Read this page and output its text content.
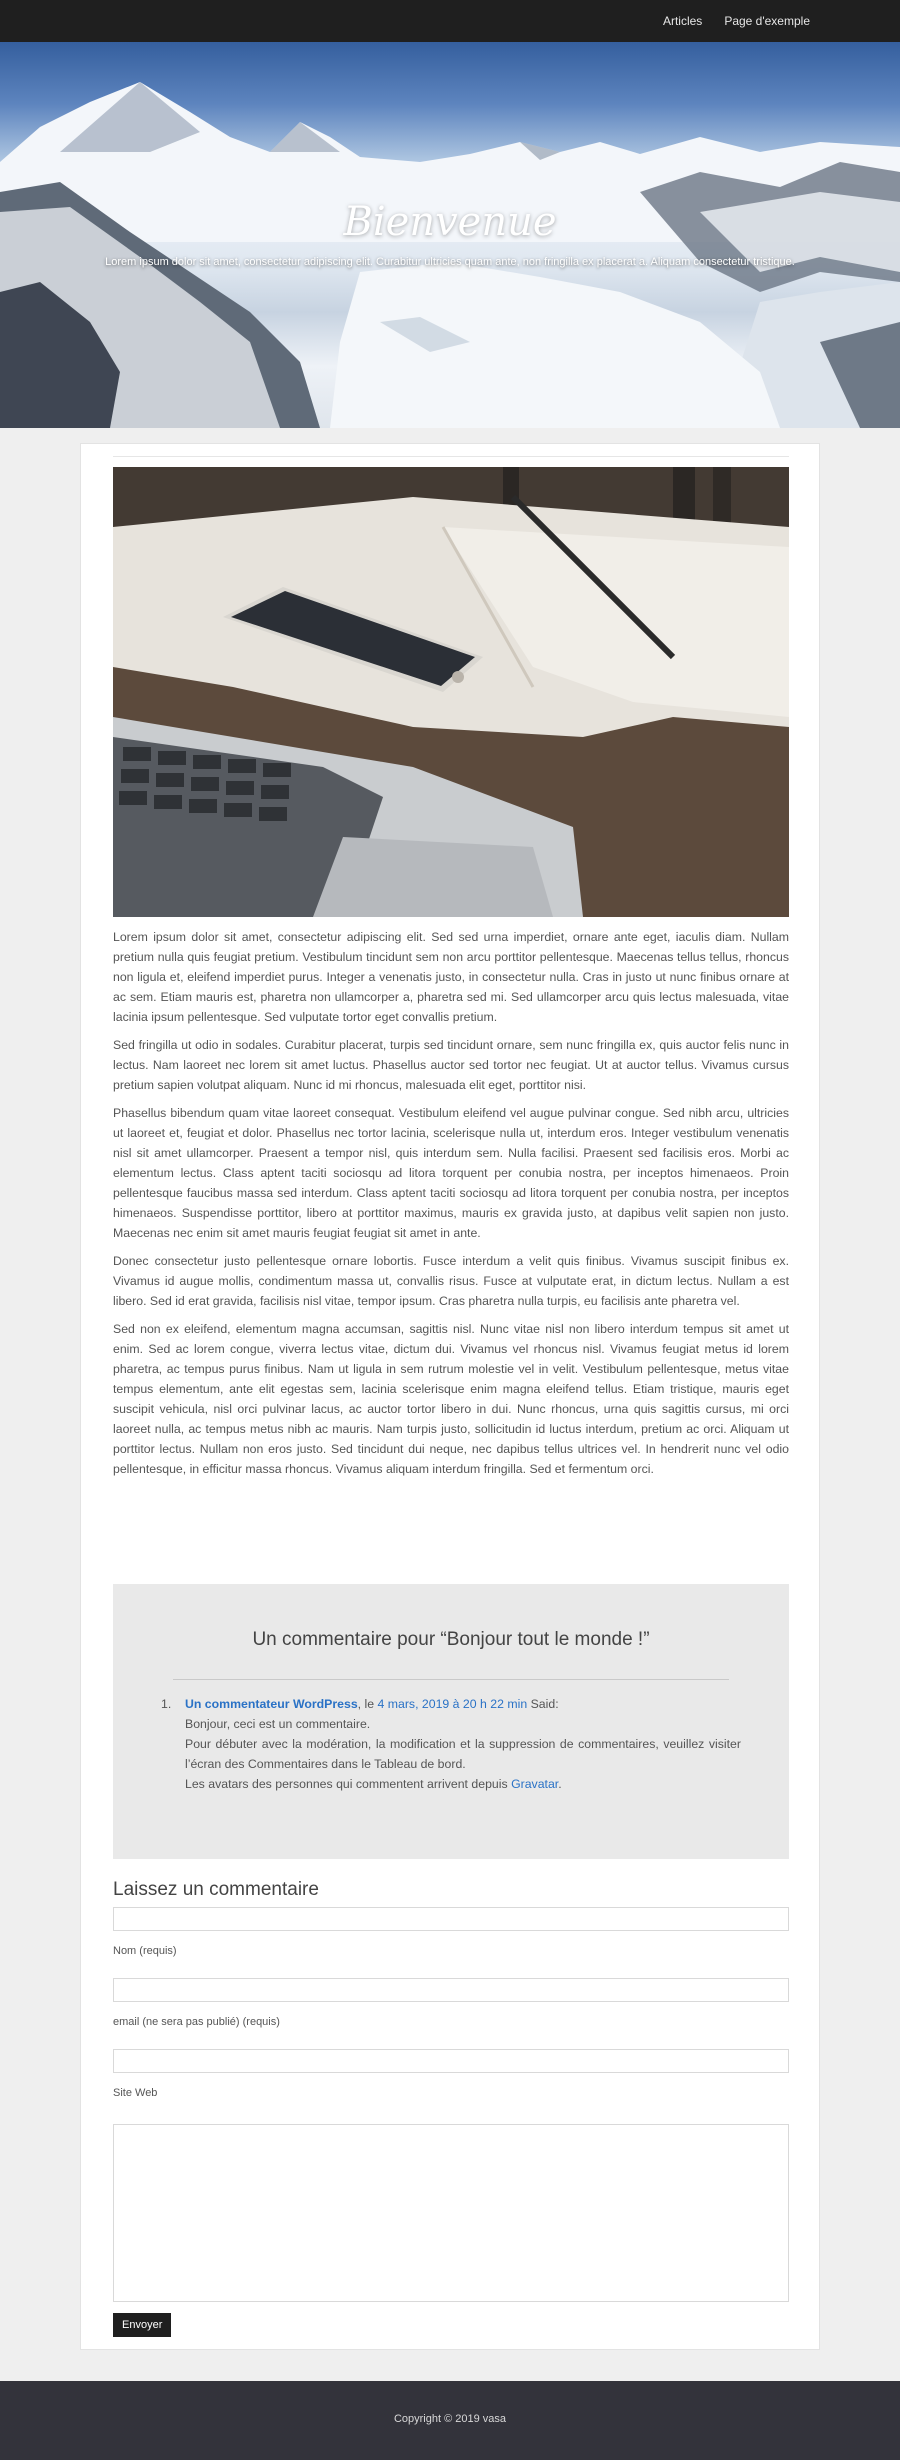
Articles Page d'exemple
Bienvenue
Lorem ipsum dolor sit amet, consectetur adipiscing elit. Curabitur ultricies quam ante, non fringilla ex placerat a. Aliquam consectetur tristique.

Lorem ipsum dolor sit amet, consectetur adipiscing elit. Sed sed urna imperdiet, ornare ante eget, iaculis diam. Nullam pretium nulla quis feugiat pretium. Vestibulum tincidunt sem non arcu porttitor pellentesque. Maecenas tellus tellus, rhoncus non ligula et, eleifend imperdiet purus. Integer a venenatis justo, in consectetur nulla. Cras in justo ut nunc finibus ornare at ac sem. Etiam mauris est, pharetra non ullamcorper a, pharetra sed mi. Sed ullamcorper arcu quis lectus malesuada, vitae lacinia ipsum pellentesque. Sed vulputate tortor eget convallis pretium.

Sed fringilla ut odio in sodales. Curabitur placerat, turpis sed tincidunt ornare, sem nunc fringilla ex, quis auctor felis nunc in lectus. Nam laoreet nec lorem sit amet luctus. Phasellus auctor sed tortor nec feugiat. Ut at auctor tellus. Vivamus cursus pretium sapien volutpat aliquam. Nunc id mi rhoncus, malesuada elit eget, porttitor nisi.

Phasellus bibendum quam vitae laoreet consequat. Vestibulum eleifend vel augue pulvinar congue. Sed nibh arcu, ultricies ut laoreet et, feugiat et dolor. Phasellus nec tortor lacinia, scelerisque nulla ut, interdum eros. Integer vestibulum venenatis nisl sit amet ullamcorper. Praesent a tempor nisl, quis interdum sem. Nulla facilisi. Praesent sed facilisis eros. Morbi ac elementum lectus. Class aptent taciti sociosqu ad litora torquent per conubia nostra, per inceptos himenaeos. Proin pellentesque faucibus massa sed interdum. Class aptent taciti sociosqu ad litora torquent per conubia nostra, per inceptos himenaeos. Suspendisse porttitor, libero at porttitor maximus, mauris ex gravida justo, at dapibus velit sapien non justo. Maecenas nec enim sit amet mauris feugiat feugiat sit amet in ante.

Donec consectetur justo pellentesque ornare lobortis. Fusce interdum a velit quis finibus. Vivamus suscipit finibus ex. Vivamus id augue mollis, condimentum massa ut, convallis risus. Fusce at vulputate erat, in dictum lectus. Nullam a est libero. Sed id erat gravida, facilisis nisl vitae, tempor ipsum. Cras pharetra nulla turpis, eu facilisis ante pharetra vel.

Sed non ex eleifend, elementum magna accumsan, sagittis nisl. Nunc vitae nisl non libero interdum tempus sit amet ut enim. Sed ac lorem congue, viverra lectus vitae, dictum dui. Vivamus vel rhoncus nisl. Vivamus feugiat metus id lorem pharetra, ac tempus purus finibus. Nam ut ligula in sem rutrum molestie vel in velit. Vestibulum pellentesque, metus vitae tempus elementum, ante elit egestas sem, lacinia scelerisque enim magna eleifend tellus. Etiam tristique, mauris eget suscipit vehicula, nisl orci pulvinar lacus, ac auctor tortor libero in dui. Nunc rhoncus, urna quis sagittis cursus, mi orci laoreet nulla, ac tempus metus nibh ac mauris. Nam turpis justo, sollicitudin id luctus interdum, pretium ac orci. Aliquam ut porttitor lectus. Nullam non eros justo. Sed tincidunt dui neque, nec dapibus tellus ultrices vel. In hendrerit nunc vel odio pellentesque, in efficitur massa rhoncus. Vivamus aliquam interdum fringilla. Sed et fermentum orci.

Un commentaire pour “Bonjour tout le monde !”
1. Un commentateur WordPress, le 4 mars, 2019 à 20 h 22 min Said:
Bonjour, ceci est un commentaire.
Pour débuter avec la modération, la modification et la suppression de commentaires, veuillez visiter l’écran des Commentaires dans le Tableau de bord.
Les avatars des personnes qui commentent arrivent depuis Gravatar.
Laissez un commentaire
Nom (requis)
email (ne sera pas publié) (requis)
Site Web
Envoyer
Copyright © 2019 vasa
